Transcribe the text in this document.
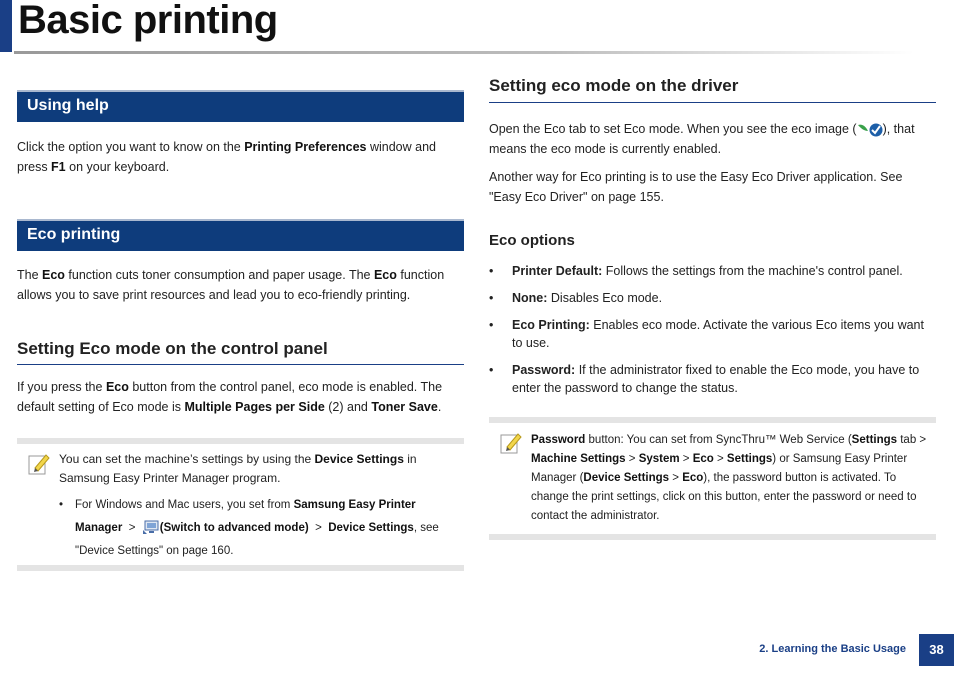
Basic printing
Using help
Click the option you want to know on the Printing Preferences window and press F1 on your keyboard.
Eco printing
The Eco function cuts toner consumption and paper usage. The Eco function allows you to save print resources and lead you to eco-friendly printing.
Setting Eco mode on the control panel
If you press the Eco button from the control panel, eco mode is enabled. The default setting of Eco mode is Multiple Pages per Side (2) and Toner Save.
You can set the machine’s settings by using the Device Settings in
Samsung Easy Printer Manager program.
• For Windows and Mac users, you set from Samsung Easy Printer
Manager > (Switch to advanced mode) > Device Settings, see
"Device Settings" on page 160.
Setting eco mode on the driver
Open the Eco tab to set Eco mode. When you see the eco image ( ), that means the eco mode is currently enabled.
Another way for Eco printing is to use the Easy Eco Driver application. See "Easy Eco Driver" on page 155.
Eco options
• Printer Default: Follows the settings from the machine's control panel.
• None: Disables Eco mode.
• Eco Printing: Enables eco mode. Activate the various Eco items you want to use.
• Password: If the administrator fixed to enable the Eco mode, you have to enter the password to change the status.
Password button: You can set from SyncThru™ Web Service (Settings tab > Machine Settings > System > Eco > Settings) or Samsung Easy Printer Manager (Device Settings > Eco), the password button is activated. To change the print settings, click on this button, enter the password or need to contact the administrator.
2. Learning the Basic Usage	38
